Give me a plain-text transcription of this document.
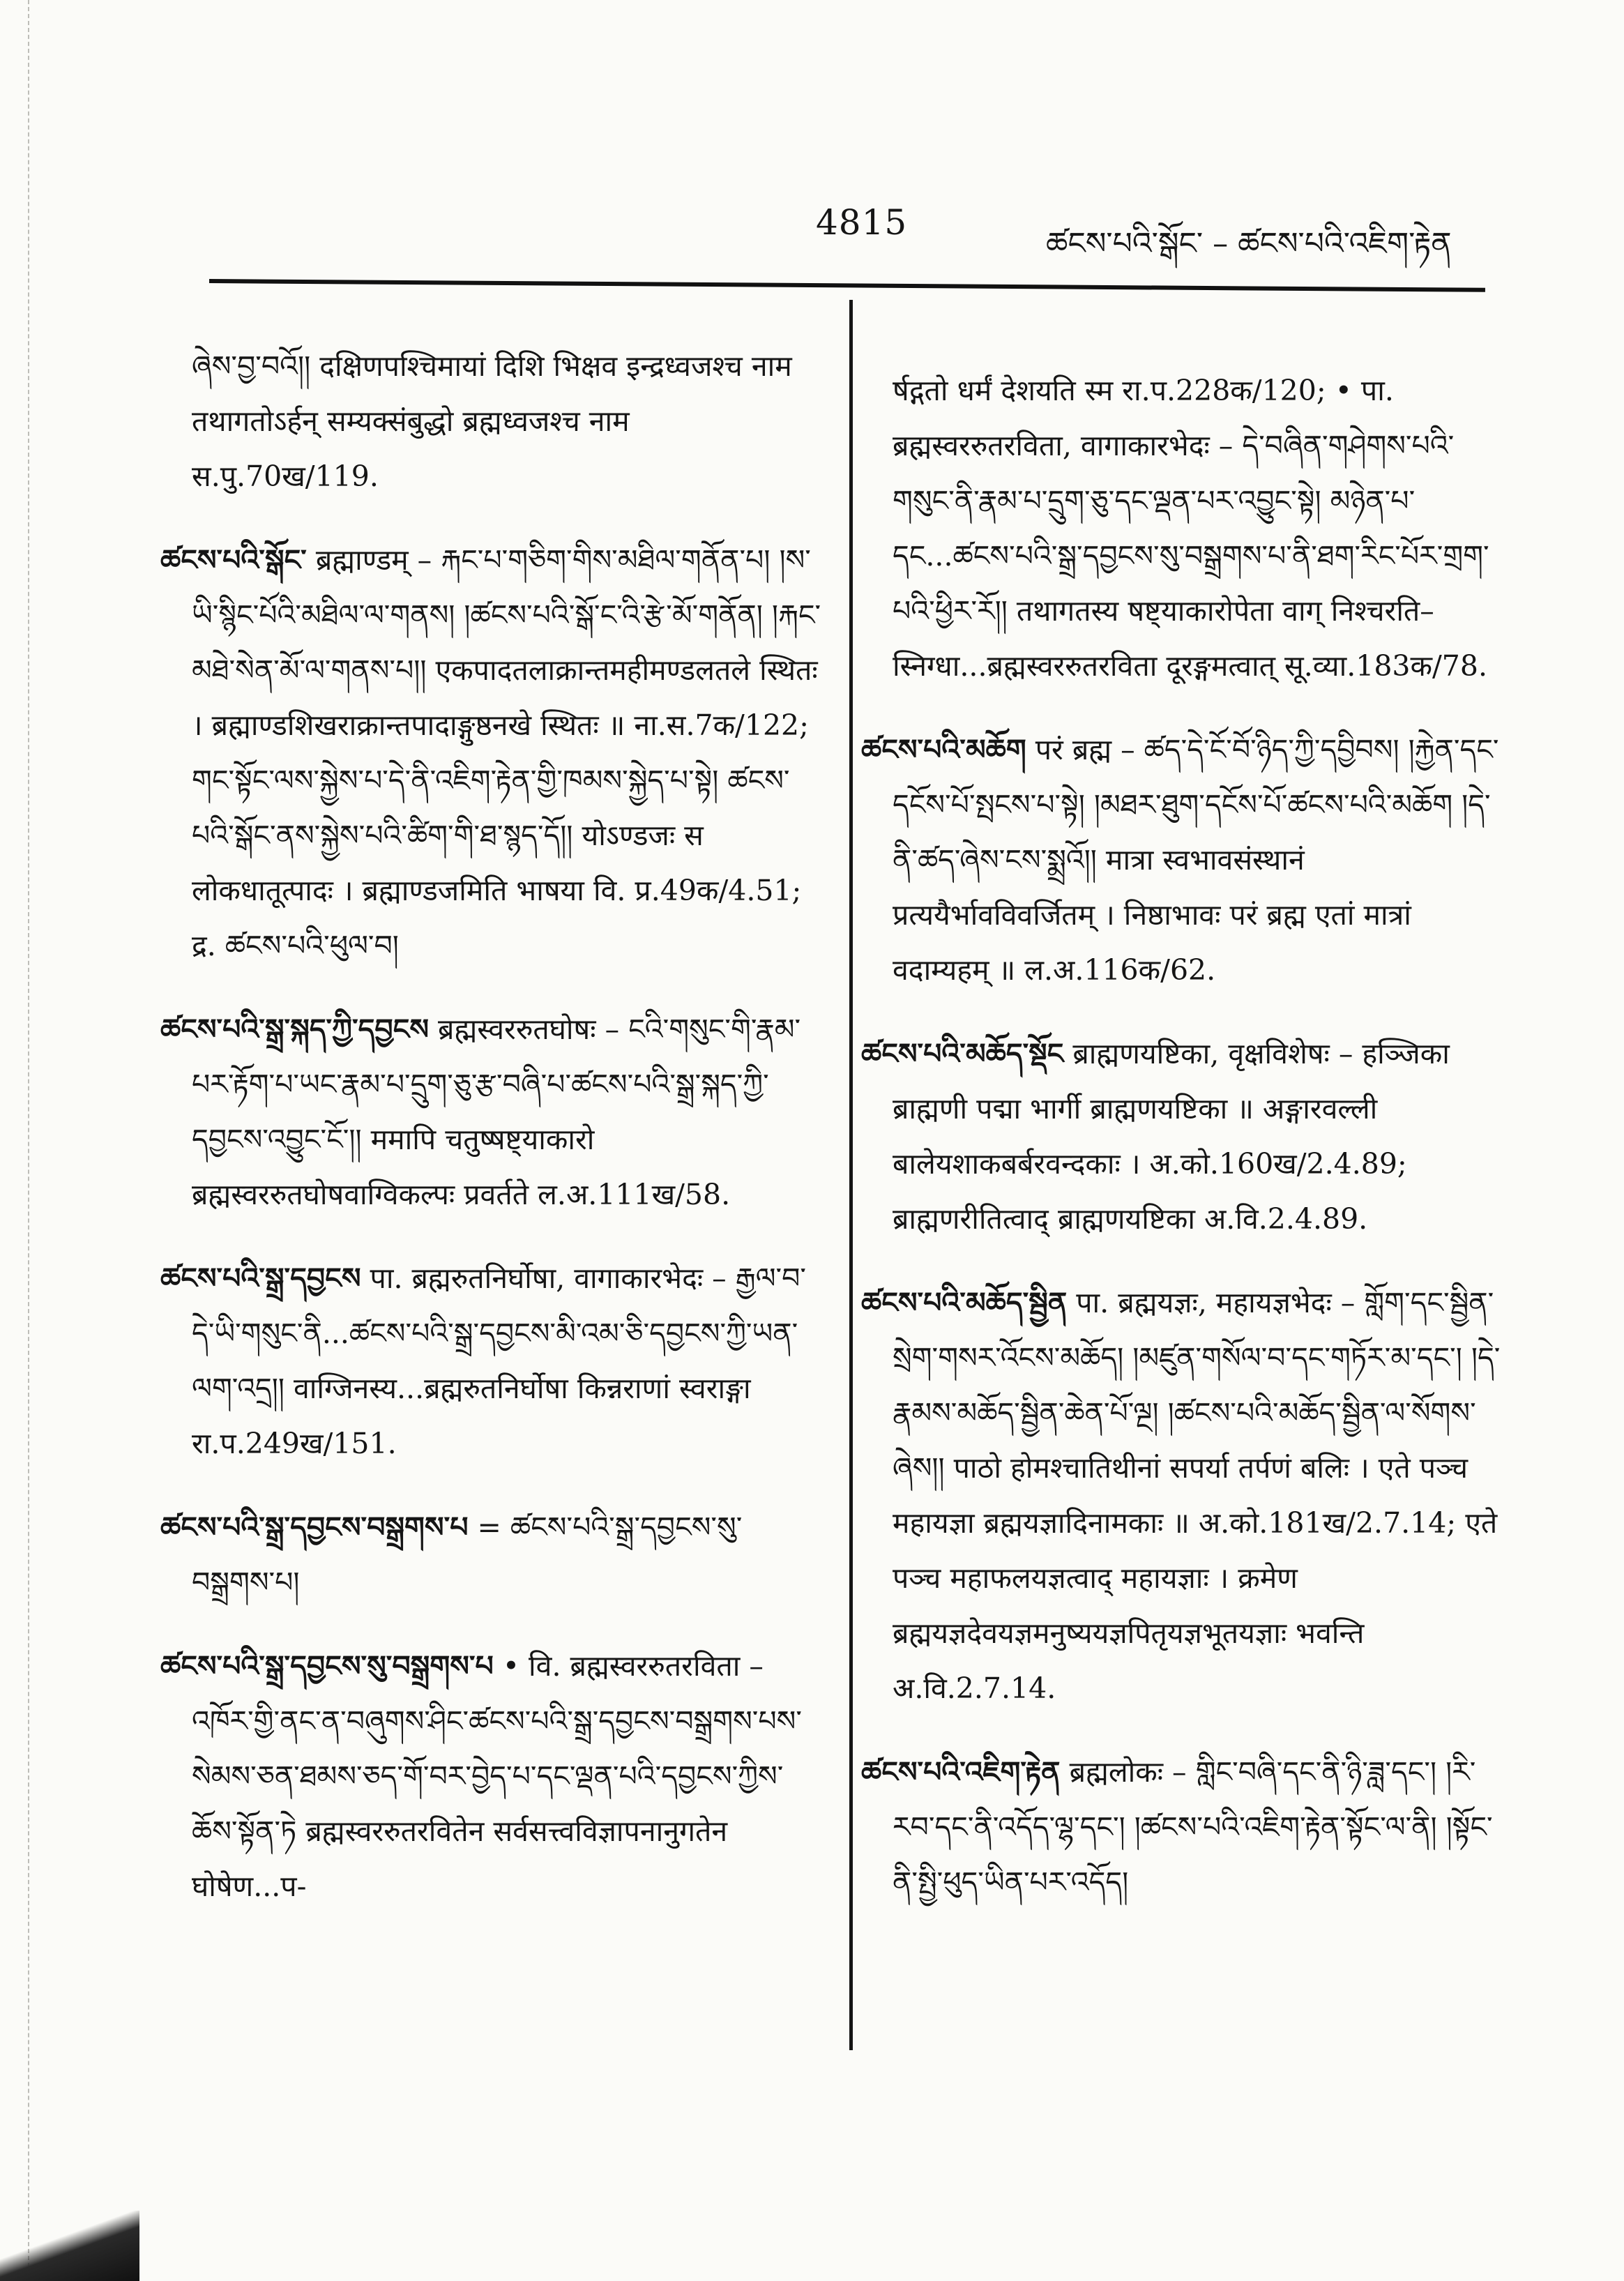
4815
ཚངས་པའི་སྒོང་ – ཚངས་པའི་འཇིག་རྟེན

ཞེས་བྱ་བའོ།། दक्षिणपश्चिमायां दिशि भिक्षव इन्द्रध्वजश्च नाम तथागतोऽर्हन् सम्यक्संबुद्धो ब्रह्मध्वजश्च नाम स.पु.70ख/119.

ཚངས་པའི་སྒོང་ ब्रह्माण्डम् – རྐང་པ་གཅིག་གིས་མཐིལ་གནོན་པ། །ས་ཡི་སྙིང་པོའི་མཐིལ་ལ་གནས། །ཚངས་པའི་སྒོ་ང་འི་རྩེ་མོ་གནོན། །རྐང་མཐེ་སེན་མོ་ལ་གནས་པ།། एकपादतलाक्रान्तमहीमण्डलतले स्थितः । ब्रह्माण्डशिखराक्रान्तपादाङ्गुष्ठनखे स्थितः ॥ ना.स.7क/122; གང་སྟོང་ལས་སྐྱེས་པ་དེ་ནི་འཇིག་རྟེན་གྱི་ཁམས་སྐྱེད་པ་སྟེ། ཚངས་པའི་སྒོང་ནས་སྐྱེས་པའི་ཚིག་གི་ཐ་སྙད་དོ།། योऽण्डजः स लोकधातूत्पादः । ब्रह्माण्डजमिति भाषया वि. प्र.49क/4.51; द्र. ཚངས་པའི་ཕུལ་བ།

ཚངས་པའི་སྒྲ་སྐད་ཀྱི་དབྱངས ब्रह्मस्वररुतघोषः – ངའི་གསུང་གི་རྣམ་པར་རྟོག་པ་ཡང་རྣམ་པ་དྲུག་ཅུ་རྩ་བཞི་པ་ཚངས་པའི་སྒྲ་སྐད་ཀྱི་དབྱངས་འབྱུང་ངོ་།། ममापि चतुष्षष्ट्याकारो ब्रह्मस्वररुतघोषवाग्विकल्पः प्रवर्तते ल.अ.111ख/58.

ཚངས་པའི་སྒྲ་དབྱངས पा. ब्रह्मरुतनिर्घोषा, वागाकारभेदः – རྒྱལ་བ་དེ་ཡི་གསུང་ནི...ཚངས་པའི་སྒྲ་དབྱངས་མི་འམ་ཅི་དབྱངས་ཀྱི་ཡན་ལག་འདྲ།། वाग्जिनस्य...ब्रह्मरुतनिर्घोषा किन्नराणां स्वराङ्गा रा.प.249ख/151.

ཚངས་པའི་སྒྲ་དབྱངས་བསྒྲགས་པ = ཚངས་པའི་སྒྲ་དབྱངས་སུ་བསྒྲགས་པ།

ཚངས་པའི་སྒྲ་དབྱངས་སུ་བསྒྲགས་པ • वि. ब्रह्मस्वररुतरविता – འཁོར་གྱི་ནང་ན་བཞུགས་ཤིང་ཚངས་པའི་སྒྲ་དབྱངས་བསྒྲགས་པས་སེམས་ཅན་ཐམས་ཅད་གོ་བར་བྱེད་པ་དང་ལྡན་པའི་དབྱངས་ཀྱིས་ཆོས་སྟོན་ཏེ ब्रह्मस्वररुतरवितेन सर्वसत्त्वविज्ञापनानुगतेन घोषेण...प-

र्षद्गतो धर्मं देशयति स्म रा.प.228क/120; • पा. ब्रह्मस्वररुतरविता, वागाकारभेदः – དེ་བཞིན་གཤེགས་པའི་གསུང་ནི་རྣམ་པ་དྲུག་ཅུ་དང་ལྡན་པར་འབྱུང་སྟེ། མཉེན་པ་དང...ཚངས་པའི་སྒྲ་དབྱངས་སུ་བསྒྲགས་པ་ནི་ཐག་རིང་པོར་གྲག་པའི་ཕྱིར་རོ།། तथागतस्य षष्ट्याकारोपेता वाग् निश्चरति–स्निग्धा...ब्रह्मस्वररुतरविता दूरङ्गमत्वात् सू.व्या.183क/78.

ཚངས་པའི་མཆོག परं ब्रह्म – ཚད་དེ་ངོ་བོ་ཉིད་ཀྱི་དབྱིབས། །རྐྱེན་དང་དངོས་པོ་སྤངས་པ་སྟེ། །མཐར་ཐུག་དངོས་པོ་ཚངས་པའི་མཆོག །དེ་ནི་ཚད་ཞེས་ངས་སྨྲའོ།། मात्रा स्वभावसंस्थानं प्रत्ययैर्भावविवर्जितम् । निष्ठाभावः परं ब्रह्म एतां मात्रां वदाम्यहम् ॥ ल.अ.116क/62.

ཚངས་པའི་མཆོད་སྡོང ब्राह्मणयष्टिका, वृक्षविशेषः – हञ्जिका ब्राह्मणी पद्मा भार्गी ब्राह्मणयष्टिका ॥ अङ्गारवल्ली बालेयशाकबर्बरवन्दकाः । अ.को.160ख/2.4.89; ब्राह्मणरीतित्वाद् ब्राह्मणयष्टिका अ.वि.2.4.89.

ཚངས་པའི་མཆོད་སྦྱིན पा. ब्रह्मयज्ञः, महायज्ञभेदः – གློག་དང་སྦྱིན་སྲེག་གསར་འོངས་མཆོད། །མཛུན་གསོལ་བ་དང་གཏོར་མ་དང་། །དེ་རྣམས་མཆོད་སྦྱིན་ཆེན་པོ་ལྔ། །ཚངས་པའི་མཆོད་སྦྱིན་ལ་སོགས་ཞེས།། पाठो होमश्चातिथीनां सपर्या तर्पणं बलिः । एते पञ्च महायज्ञा ब्रह्मयज्ञादिनामकाः ॥ अ.को.181ख/2.7.14; एते पञ्च महाफलयज्ञत्वाद् महायज्ञाः । क्रमेण ब्रह्मयज्ञदेवयज्ञमनुष्ययज्ञपितृयज्ञभूतयज्ञाः भवन्ति अ.वि.2.7.14.

ཚངས་པའི་འཇིག་རྟེན ब्रह्मलोकः – གླིང་བཞི་དང་ནི་ཉི་ཟླ་དང་། །རི་རབ་དང་ནི་འདོད་ལྷ་དང་། །ཚངས་པའི་འཇིག་རྟེན་སྟོང་ལ་ནི། །སྟོང་ནི་སྤྱི་ཕུད་ཡིན་པར་འདོད།
